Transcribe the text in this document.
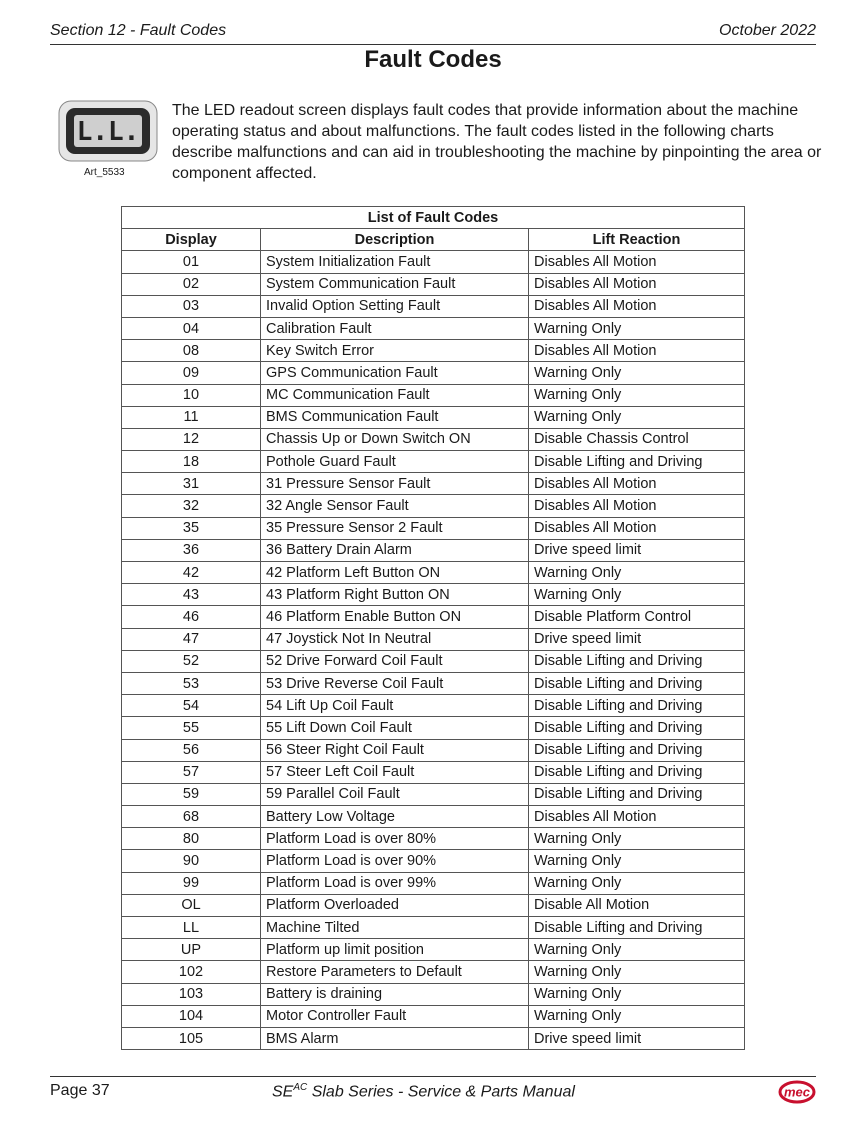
Section 12 - Fault Codes	October 2022
Fault Codes
L.L.
Art_5533
The LED readout screen displays fault codes that provide information about the machine operating status and about malfunctions. The fault codes listed in the following charts describe malfunctions and can aid in troubleshooting the machine by pinpointing the area or component affected.
List of Fault Codes		
Display	Description	Lift Reaction
01	System Initialization Fault	Disables All Motion
02	System Communication Fault	Disables All Motion
03	Invalid Option Setting Fault	Disables All Motion
04	Calibration Fault	Warning Only
08	Key Switch Error	Disables All Motion
09	GPS Communication Fault	Warning Only
10	MC Communication Fault	Warning Only
11	BMS Communication Fault	Warning Only
12	Chassis Up or Down Switch ON	Disable Chassis Control
18	Pothole Guard Fault	Disable Lifting and Driving
31	31 Pressure Sensor Fault	Disables All Motion
32	32 Angle Sensor Fault	Disables All Motion
35	35 Pressure Sensor 2 Fault	Disables All Motion
36	36 Battery Drain Alarm	Drive speed limit
42	42 Platform Left Button ON	Warning Only
43	43 Platform Right Button ON	Warning Only
46	46 Platform Enable Button ON	Disable Platform Control
47	47 Joystick Not In Neutral	Drive speed limit
52	52 Drive Forward Coil Fault	Disable Lifting and Driving
53	53 Drive Reverse Coil Fault	Disable Lifting and Driving
54	54 Lift Up Coil Fault	Disable Lifting and Driving
55	55 Lift Down Coil Fault	Disable Lifting and Driving
56	56 Steer Right Coil Fault	Disable Lifting and Driving
57	57 Steer Left Coil Fault	Disable Lifting and Driving
59	59 Parallel Coil Fault	Disable Lifting and Driving
68	Battery Low Voltage	Disables All Motion
80	Platform Load is over 80%	Warning Only
90	Platform Load is over 90%	Warning Only
99	Platform Load is over 99%	Warning Only
OL	Platform Overloaded	Disable All Motion
LL	Machine Tilted	Disable Lifting and Driving
UP	Platform up limit position	Warning Only
102	Restore Parameters to Default	Warning Only
103	Battery is draining	Warning Only
104	Motor Controller Fault	Warning Only
105	BMS Alarm	Drive speed limit
Page 37	$SE^{AC}$ Slab Series - Service & Parts Manual	mec
